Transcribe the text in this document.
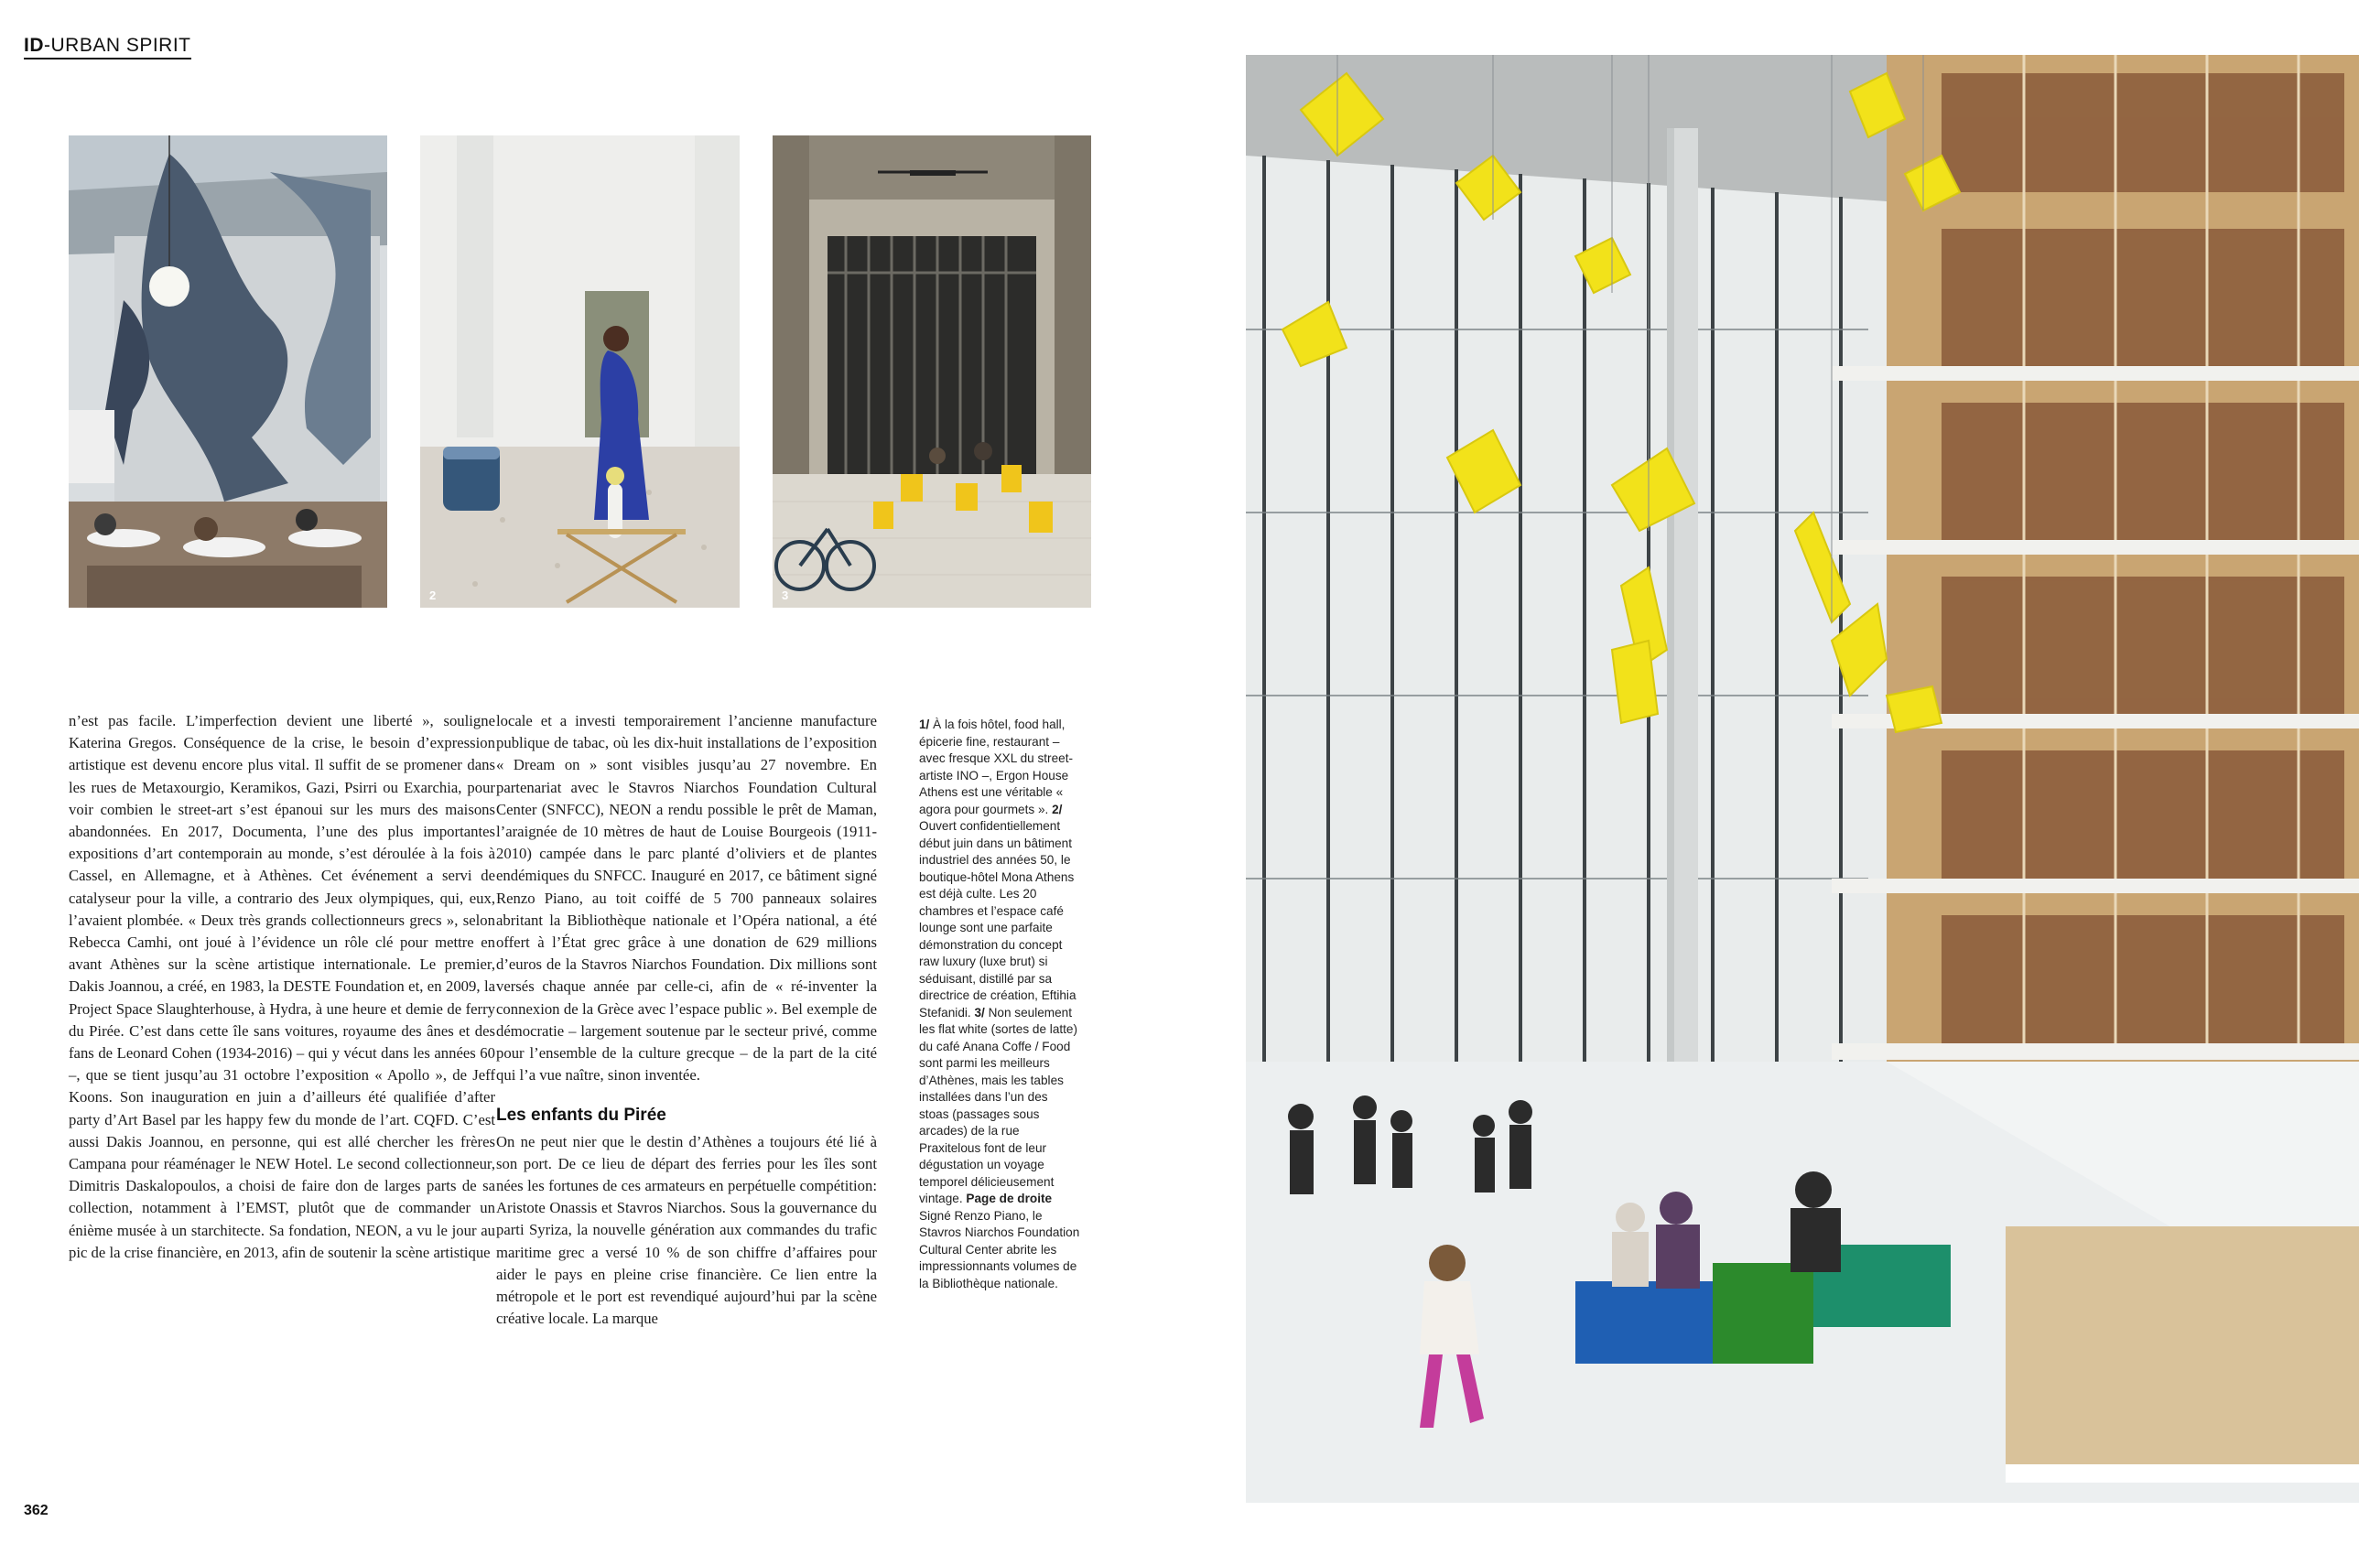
ID-URBAN SPIRIT
2	3

n’est pas facile. L’imperfection devient une liberté », souligne Katerina Gregos. Conséquence de la crise, le besoin d’expression artistique est devenu encore plus vital. Il suffit de se promener dans les rues de Metaxourgio, Keramikos, Gazi, Psirri ou Exarchia, pour voir combien le street-art s’est épanoui sur les murs des maisons abandonnées. En 2017, Documenta, l’une des plus importantes expositions d’art contemporain au monde, s’est déroulée à la fois à Cassel, en Allemagne, et à Athènes. Cet événement a servi de catalyseur pour la ville, a contrario des Jeux olympiques, qui, eux, l’avaient plombée. « Deux très grands collectionneurs grecs », selon Rebecca Camhi, ont joué à l’évidence un rôle clé pour mettre en avant Athènes sur la scène artistique internationale. Le premier, Dakis Joannou, a créé, en 1983, la DESTE Foundation et, en 2009, la Project Space Slaughterhouse, à Hydra, à une heure et demie de ferry du Pirée. C’est dans cette île sans voitures, royaume des ânes et des fans de Leonard Cohen (1934-2016) – qui y vécut dans les années 60 –, que se tient jusqu’au 31 octobre l’exposition « Apollo », de Jeff Koons. Son inauguration en juin a d’ailleurs été qualifiée d’after party d’Art Basel par les happy few du monde de l’art. CQFD. C’est aussi Dakis Joannou, en personne, qui est allé chercher les frères Campana pour réaménager le NEW Hotel. Le second collectionneur, Dimitris Daskalopoulos, a choisi de faire don de larges parts de sa collection, notamment à l’EMST, plutôt que de commander un énième musée à un starchitecte. Sa fondation, NEON, a vu le jour au pic de la crise financière, en 2013, afin de soutenir la scène artistique

locale et a investi temporairement l’ancienne manufacture publique de tabac, où les dix-huit installations de l’exposition « Dream on » sont visibles jusqu’au 27 novembre. En partenariat avec le Stavros Niarchos Foundation Cultural Center (SNFCC), NEON a rendu possible le prêt de Maman, l’araignée de 10 mètres de haut de Louise Bourgeois (1911-2010) campée dans le parc planté d’oliviers et de plantes endémiques du SNFCC. Inauguré en 2017, ce bâtiment signé Renzo Piano, au toit coiffé de 5 700 panneaux solaires abritant la Bibliothèque nationale et l’Opéra national, a été offert à l’État grec grâce à une donation de 629 millions d’euros de la Stavros Niarchos Foundation. Dix millions sont versés chaque année par celle-ci, afin de « ré-inventer la connexion de la Grèce avec l’espace public ». Bel exemple de démocratie – largement soutenue par le secteur privé, comme pour l’ensemble de la culture grecque – de la part de la cité qui l’a vue naître, sinon inventée.

Les enfants du Pirée

On ne peut nier que le destin d’Athènes a toujours été lié à son port. De ce lieu de départ des ferries pour les îles sont nées les fortunes de ces armateurs en perpétuelle compétition: Aristote Onassis et Stavros Niarchos. Sous la gouvernance du parti Syriza, la nouvelle génération aux commandes du trafic maritime grec a versé 10 % de son chiffre d’affaires pour aider le pays en pleine crise financière. Ce lien entre la métropole et le port est revendiqué aujourd’hui par la scène créative locale. La marque

1/ À la fois hôtel, food hall, épicerie fine, restaurant – avec fresque XXL du street-artiste INO –, Ergon House Athens est une véritable « agora pour gourmets ». 2/ Ouvert confidentiellement début juin dans un bâtiment industriel des années 50, le boutique-hôtel Mona Athens est déjà culte. Les 20 chambres et l’espace café lounge sont une parfaite démonstration du concept raw luxury (luxe brut) si séduisant, distillé par sa directrice de création, Eftihia Stefanidi. 3/ Non seulement les flat white (sortes de latte) du café Anana Coffe / Food sont parmi les meilleurs d’Athènes, mais les tables installées dans l’un des stoas (passages sous arcades) de la rue Praxitelous font de leur dégustation un voyage temporel délicieusement vintage. Page de droite Signé Renzo Piano, le Stavros Niarchos Foundation Cultural Center abrite les impressionnants volumes de la Bibliothèque nationale.

362
